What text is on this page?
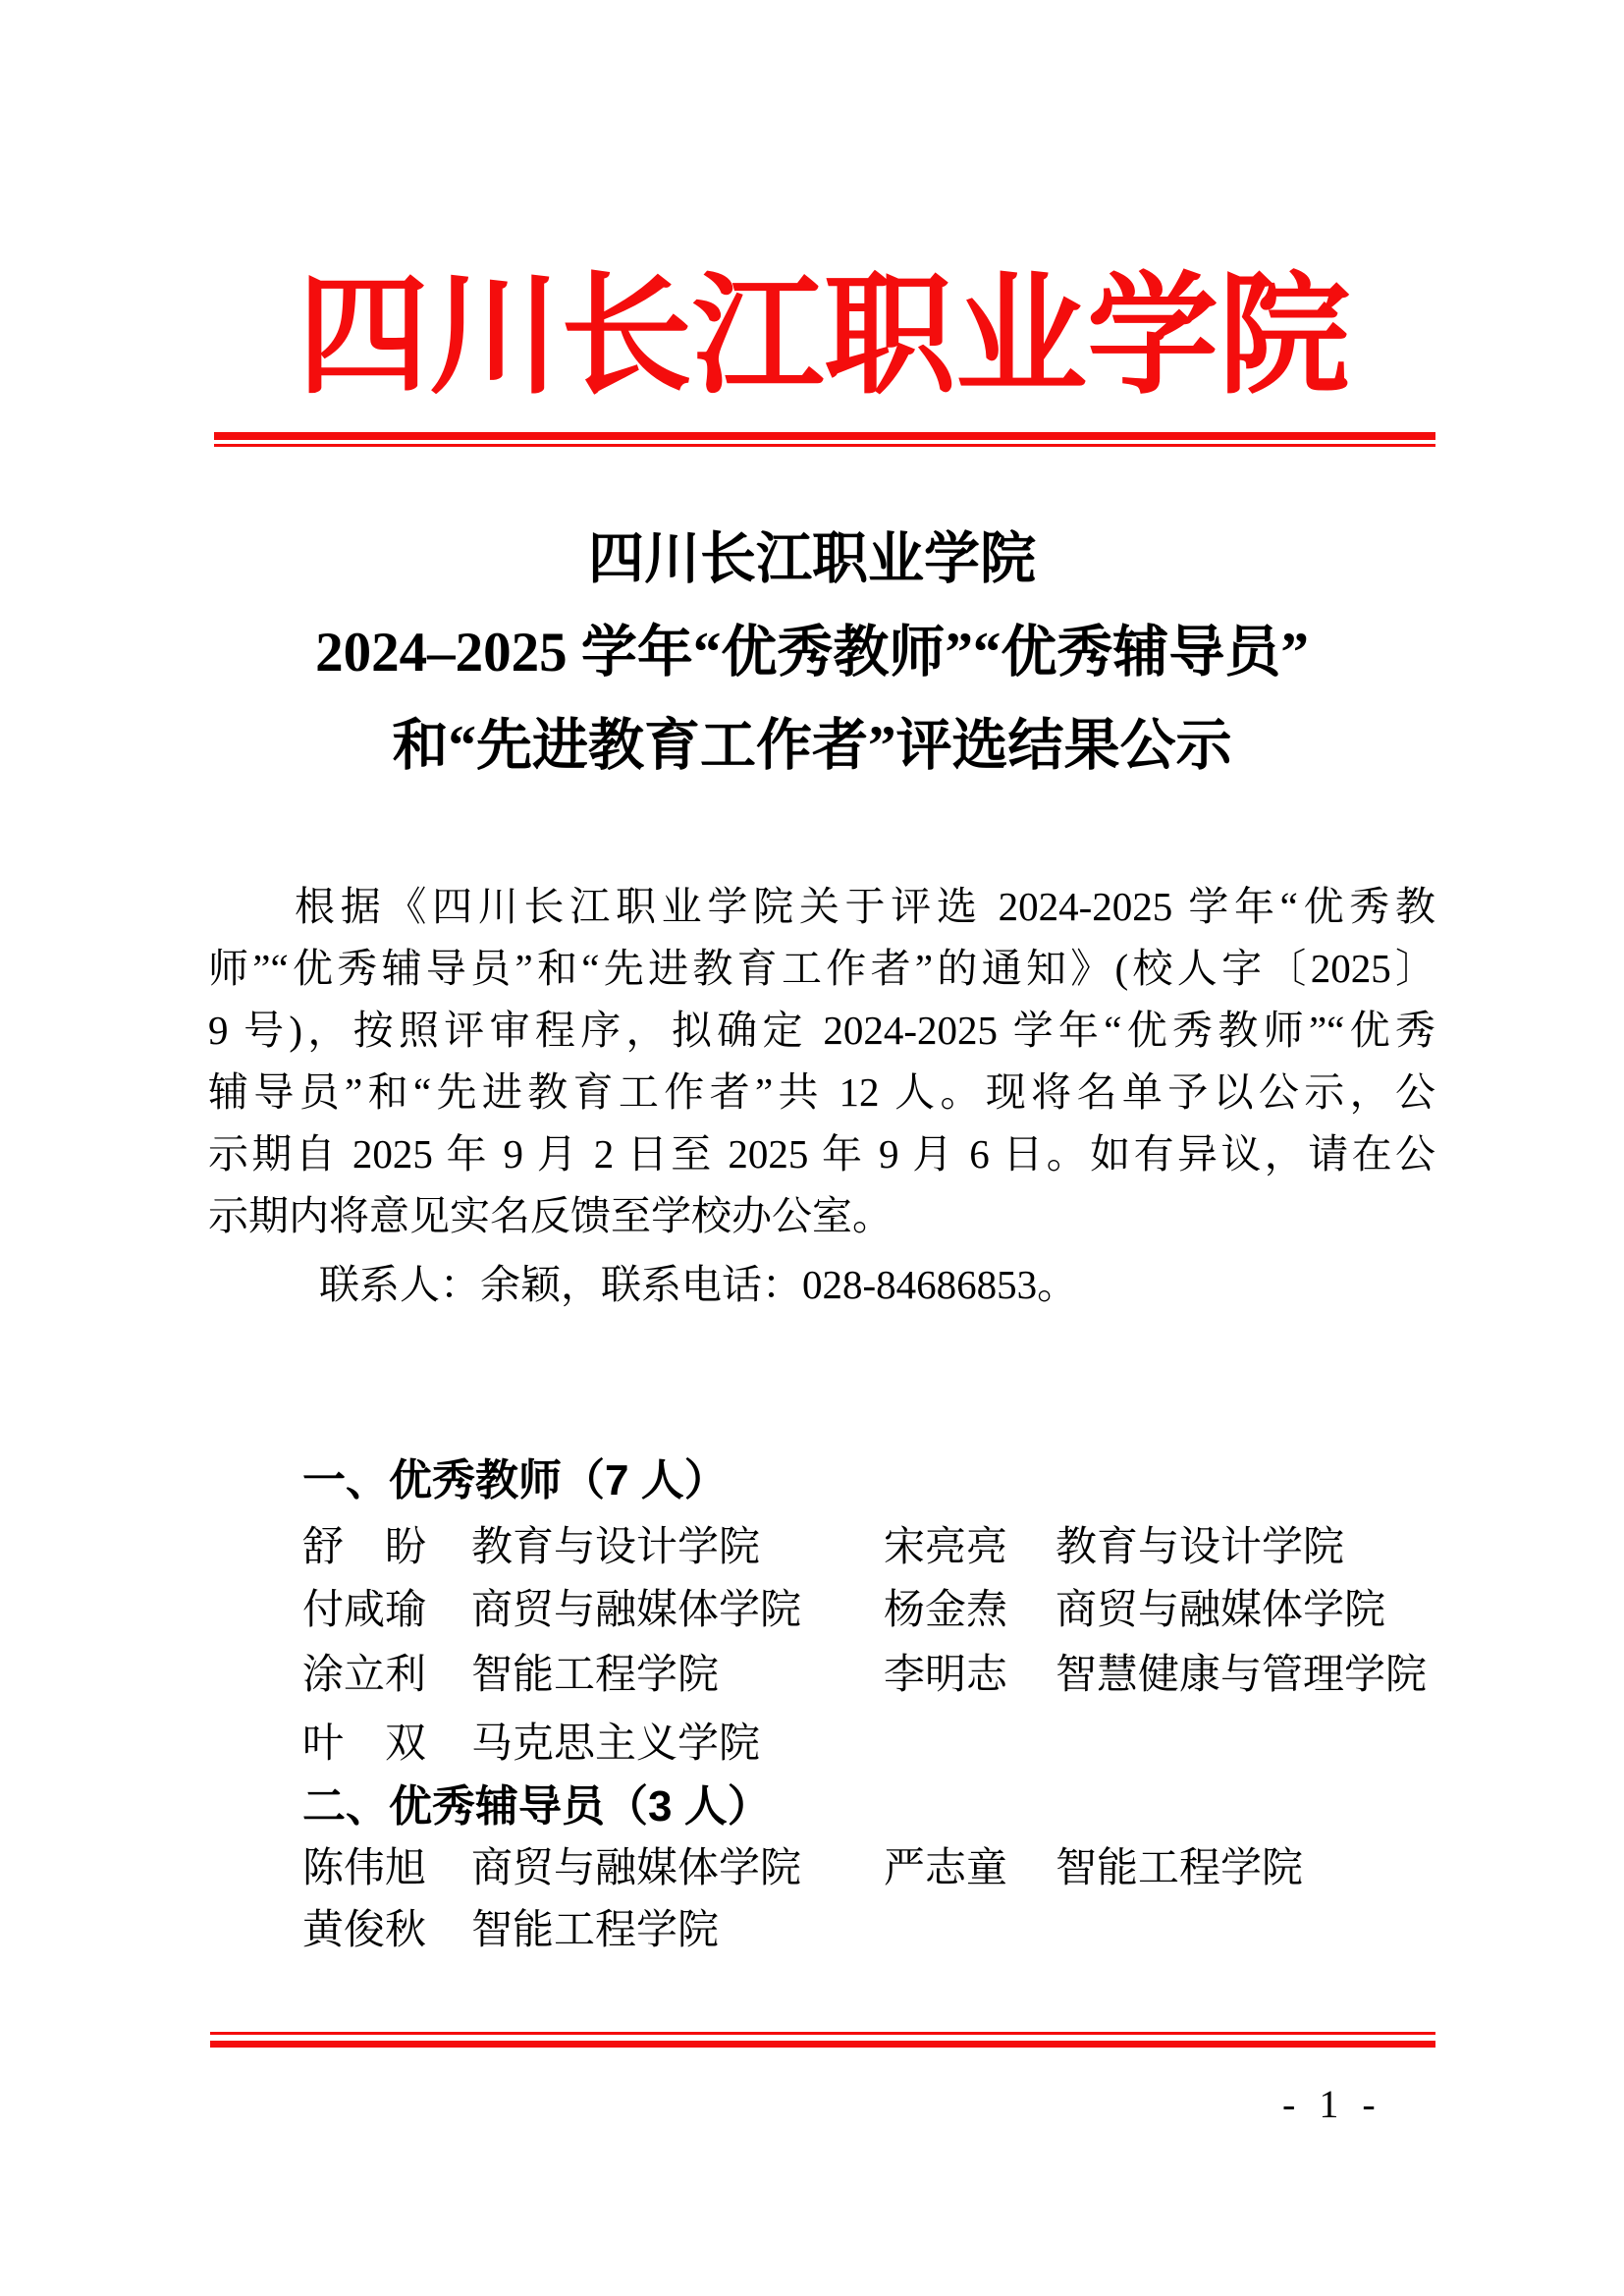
四川长江职业学院
四川长江职业学院
2024–2025 学年“优秀教师”“优秀辅导员”
和“先进教育工作者”评选结果公示
根据《四川长江职业学院关于评选 2024-2025 学年“优秀教
师”“优秀辅导员”和“先进教育工作者”的通知》(校人字〔2025〕
9 号)，按照评审程序，拟确定 2024-2025 学年“优秀教师”“优秀
辅导员”和“先进教育工作者”共 12 人。现将名单予以公示，公
示期自 2025 年 9 月 2 日至 2025 年 9 月 6 日。如有异议，请在公
示期内将意见实名反馈至学校办公室。
联系人：余颖，联系电话：028-84686853。
一、优秀教师（7 人）
舒　盼	教育与设计学院	宋亮亮	教育与设计学院
付咸瑜	商贸与融媒体学院	杨金焘	商贸与融媒体学院
涂立利	智能工程学院	李明志	智慧健康与管理学院
叶　双	马克思主义学院
二、优秀辅导员（3 人）
陈伟旭	商贸与融媒体学院	严志童	智能工程学院
黄俊秋	智能工程学院
- 1 -
